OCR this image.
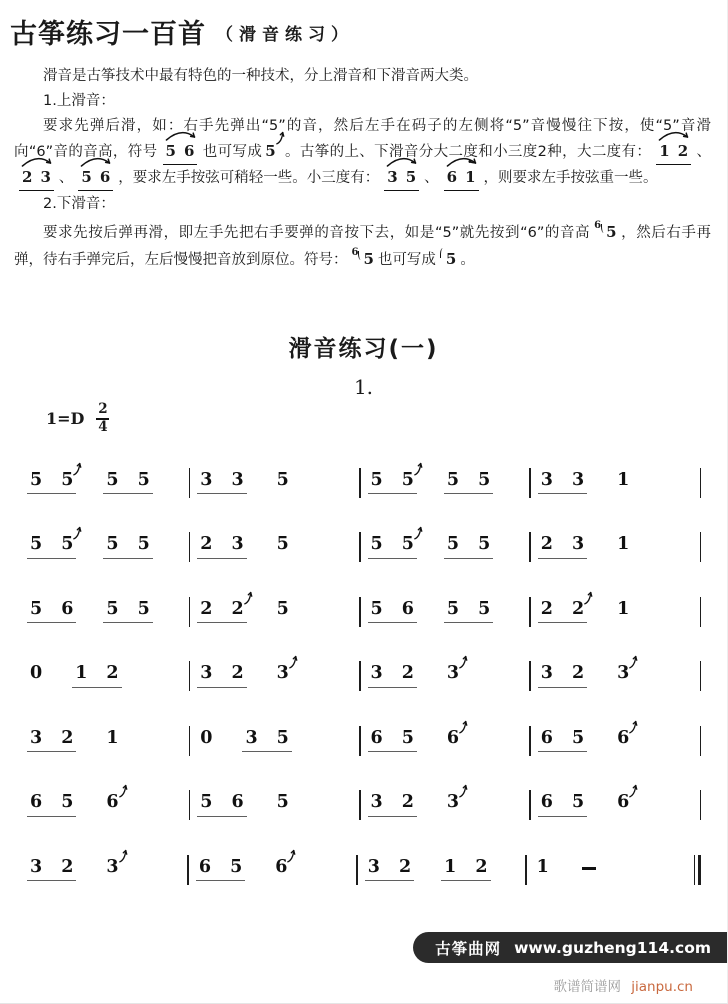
古筝练习一百首 （滑音练习）

滑音是古筝技术中最有特色的一种技术，分上滑音和下滑音两大类。

1.上滑音：

要求先弹后滑，如：右手先弹出“5”的音，然后左手在码子的左侧将“5”音慢慢往下按，使“5”音滑向“6”音的音高，符号 5 6 也可写成 5 。古筝的上、下滑音分大二度和小三度2种，大二度有： 1 2 、
2 3 、 5 6 ，要求左手按弦可稍轻一些。小三度有： 3 5 、 6 1 ，则要求左手按弦重一些。

2.下滑音：

要求先按后弹再滑，即左手先把右手要弹的音按下去，如是“5”就先按到“6”的音高 $^6$ 5 ，然后右手再弹，待右手弹完后，左后慢慢把音放到原位。符号： $^6$ 5 也可写成 5 。

滑音练习(一)
1.
1=D
2
4
5 5 5 5	3 3 5	5 5 5 5	3 3 1
5 5 5 5	2 3 5	5 5 5 5	2 3 1
5 6 5 5	2 2 5	5 6 5 5	2 2 1
0 1 2	3 2 3	3 2 3	3 2 3
3 2 1	0 3 5	6 5 6	6 5 6
6 5 6	5 6 5	3 2 3	6 5 6
3 2 3	6 5 6	3 2 1 2	1
古筝曲网 www.guzheng114.com
歌谱简谱网 jianpu.cn
